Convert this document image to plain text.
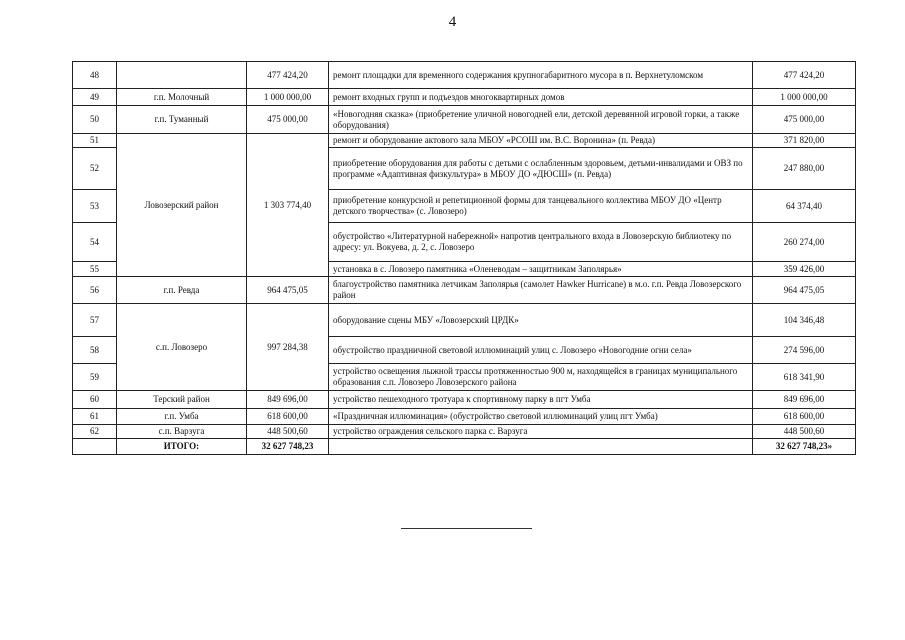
4
48		477 424,20	ремонт площадки для временного содержания крупногабаритного мусора в п. Верхнетуломском	477 424,20
49	г.п. Молочный	1 000 000,00	ремонт входных групп и подъездов многоквартирных домов	1 000 000,00
50	г.п. Туманный	475 000,00	«Новогодняя сказка» (приобретение уличной новогодней ели, детской деревянной игровой горки, а также оборудования)	475 000,00
51	Ловозерский район	1 303 774,40	ремонт и оборудование актового зала МБОУ «РСОШ им. В.С. Воронина» (п. Ревда)	371 820,00
52			приобретение оборудования для работы с детьми с ослабленным здоровьем, детьми-инвалидами и ОВЗ по программе «Адаптивная физкультура» в МБОУ ДО «ДЮСШ» (п. Ревда)	247 880,00
53			приобретение конкурсной и репетиционной формы для танцевального коллектива МБОУ ДО «Центр детского творчества» (с. Ловозеро)	64 374,40
54			обустройство «Литературной набережной» напротив центрального входа в Ловозерскую библиотеку по адресу: ул. Вокуева, д. 2, с. Ловозеро	260 274,00
55			установка в с. Ловозеро памятника «Оленеводам – защитникам Заполярья»	359 426,00
56	г.п. Ревда	964 475,05	благоустройство памятника летчикам Заполярья (самолет Hawker Hurricane) в м.о. г.п. Ревда Ловозерского район	964 475,05
57	с.п. Ловозеро	997 284,38	оборудование сцены МБУ «Ловозерский ЦРДК»	104 346,48
58			обустройство праздничной световой иллюминаций улиц с. Ловозеро «Новогодние огни села»	274 596,00
59			устройство освещения лыжной трассы протяженностью 900 м, находящейся в границах муниципального образования с.п. Ловозеро Ловозерского района	618 341,90
60	Терский район	849 696,00	устройство пешеходного тротуара к спортивному парку в пгт Умба	849 696,00
61	г.п. Умба	618 600,00	«Праздничная иллюминация» (обустройство световой иллюминаций улиц пгт Умба)	618 600,00
62	с.п. Варзуга	448 500,60	устройство ограждения сельского парка с. Варзуга	448 500,60
	ИТОГО:	32 627 748,23		32 627 748,23»
